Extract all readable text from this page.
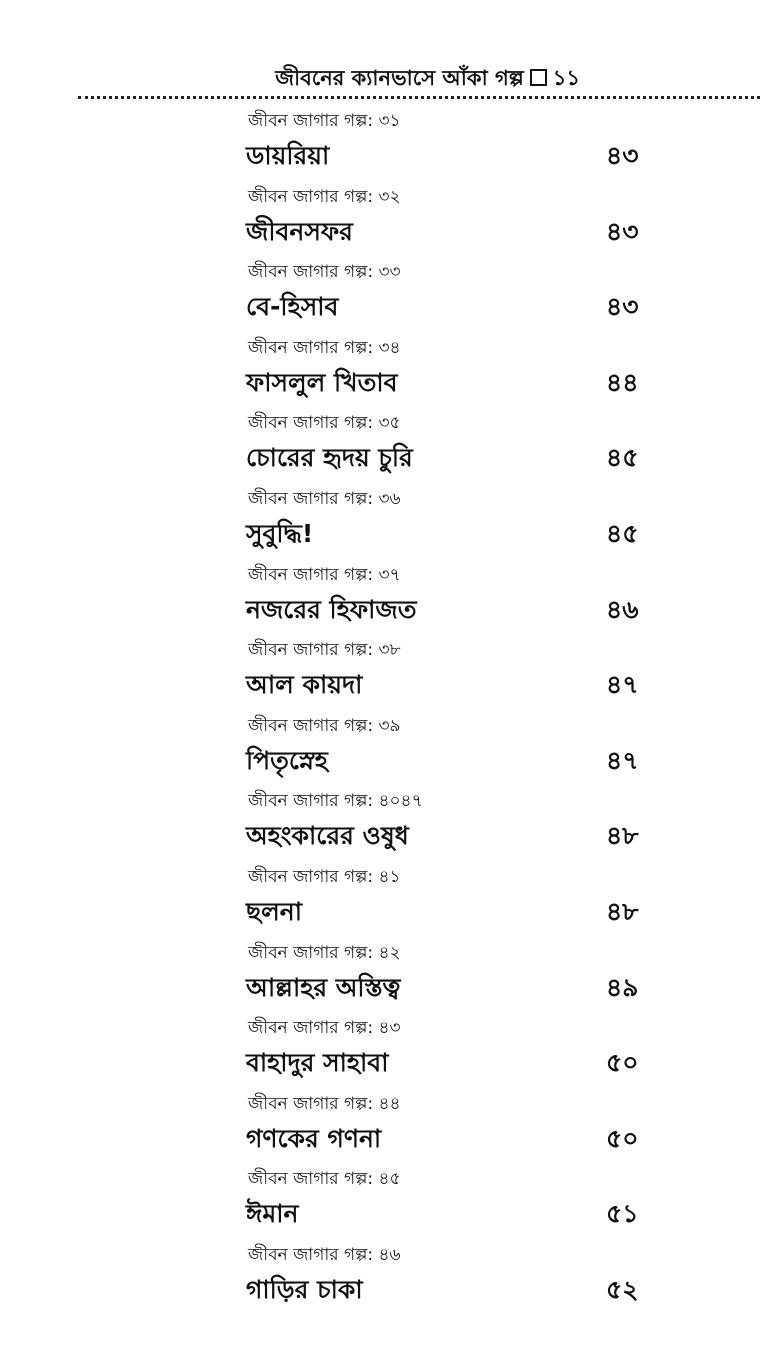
জীবনের ক্যানভাসে আঁকা গল্প ১১
জীবন জাগার গল্প: ৩১
ডায়রিয়া	৪৩
জীবন জাগার গল্প: ৩২
জীবনসফর	৪৩
জীবন জাগার গল্প: ৩৩
বে-হিসাব	৪৩
জীবন জাগার গল্প: ৩৪
ফাসলুল খিতাব	৪৪
জীবন জাগার গল্প: ৩৫
চোরের হৃদয় চুরি	৪৫
জীবন জাগার গল্প: ৩৬
সুবুদ্ধি!	৪৫
জীবন জাগার গল্প: ৩৭
নজরের হিফাজত	৪৬
জীবন জাগার গল্প: ৩৮
আল কায়দা	৪৭
জীবন জাগার গল্প: ৩৯
পিতৃস্নেহ	৪৭
জীবন জাগার গল্প: ৪০৪৭
অহংকারের ওষুধ	৪৮
জীবন জাগার গল্প: ৪১
ছলনা	৪৮
জীবন জাগার গল্প: ৪২
আল্লাহর অস্তিত্ব	৪৯
জীবন জাগার গল্প: ৪৩
বাহাদুর সাহাবা	৫০
জীবন জাগার গল্প: ৪৪
গণকের গণনা	৫০
জীবন জাগার গল্প: ৪৫
ঈমান	৫১
জীবন জাগার গল্প: ৪৬
গাড়ির চাকা	৫২
